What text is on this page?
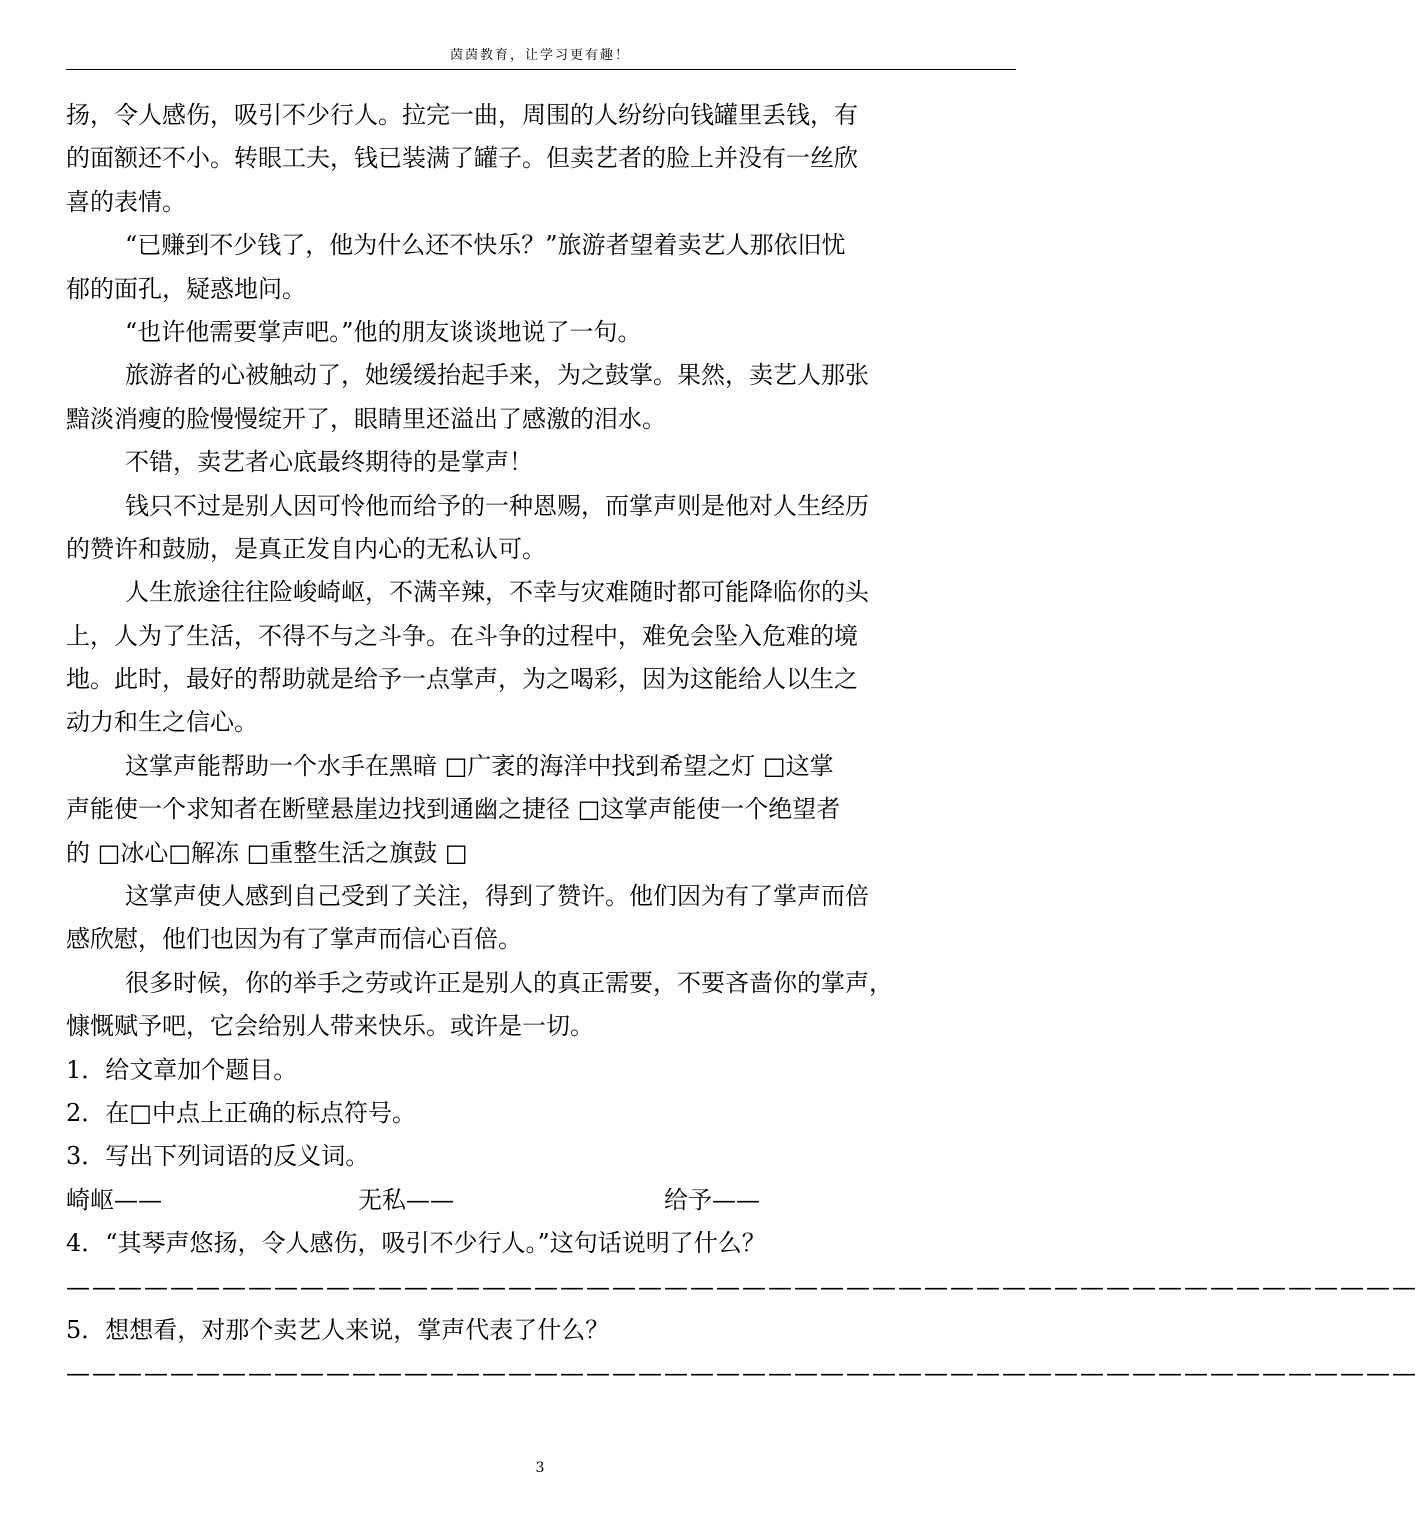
茵茵教育，让学习更有趣！
扬，令人感伤，吸引不少行人。拉完一曲，周围的人纷纷向钱罐里丢钱，有
的面额还不小。转眼工夫，钱已装满了罐子。但卖艺者的脸上并没有一丝欣
喜的表情。
“已赚到不少钱了，他为什么还不快乐？”旅游者望着卖艺人那依旧忧
郁的面孔，疑惑地问。
“也许他需要掌声吧。”他的朋友谈谈地说了一句。
旅游者的心被触动了，她缓缓抬起手来，为之鼓掌。果然，卖艺人那张
黯淡消瘦的脸慢慢绽开了，眼睛里还溢出了感激的泪水。
不错，卖艺者心底最终期待的是掌声！
钱只不过是别人因可怜他而给予的一种恩赐，而掌声则是他对人生经历
的赞许和鼓励，是真正发自内心的无私认可。
人生旅途往往险峻崎岖，不满辛辣，不幸与灾难随时都可能降临你的头
上，人为了生活，不得不与之斗争。在斗争的过程中，难免会坠入危难的境
地。此时，最好的帮助就是给予一点掌声，为之喝彩，因为这能给人以生之
动力和生之信心。
这掌声能帮助一个水手在黑暗 □广袤的海洋中找到希望之灯 □这掌
声能使一个求知者在断壁悬崖边找到通幽之捷径 □这掌声能使一个绝望者
的 □冰心□解冻 □重整生活之旗鼓 □
这掌声使人感到自己受到了关注，得到了赞许。他们因为有了掌声而倍
感欣慰，他们也因为有了掌声而信心百倍。
很多时候，你的举手之劳或许正是别人的真正需要，不要吝啬你的掌声，
慷慨赋予吧，它会给别人带来快乐。或许是一切。
1．给文章加个题目。
2．在□中点上正确的标点符号。
3．写出下列词语的反义词。
崎岖——	无私——	给予——
4．“其琴声悠扬，令人感伤，吸引不少行人。”这句话说明了什么？
————————————————————————————————————————————————————
5．想想看，对那个卖艺人来说，掌声代表了什么？
————————————————————————————————————————————————————
3
